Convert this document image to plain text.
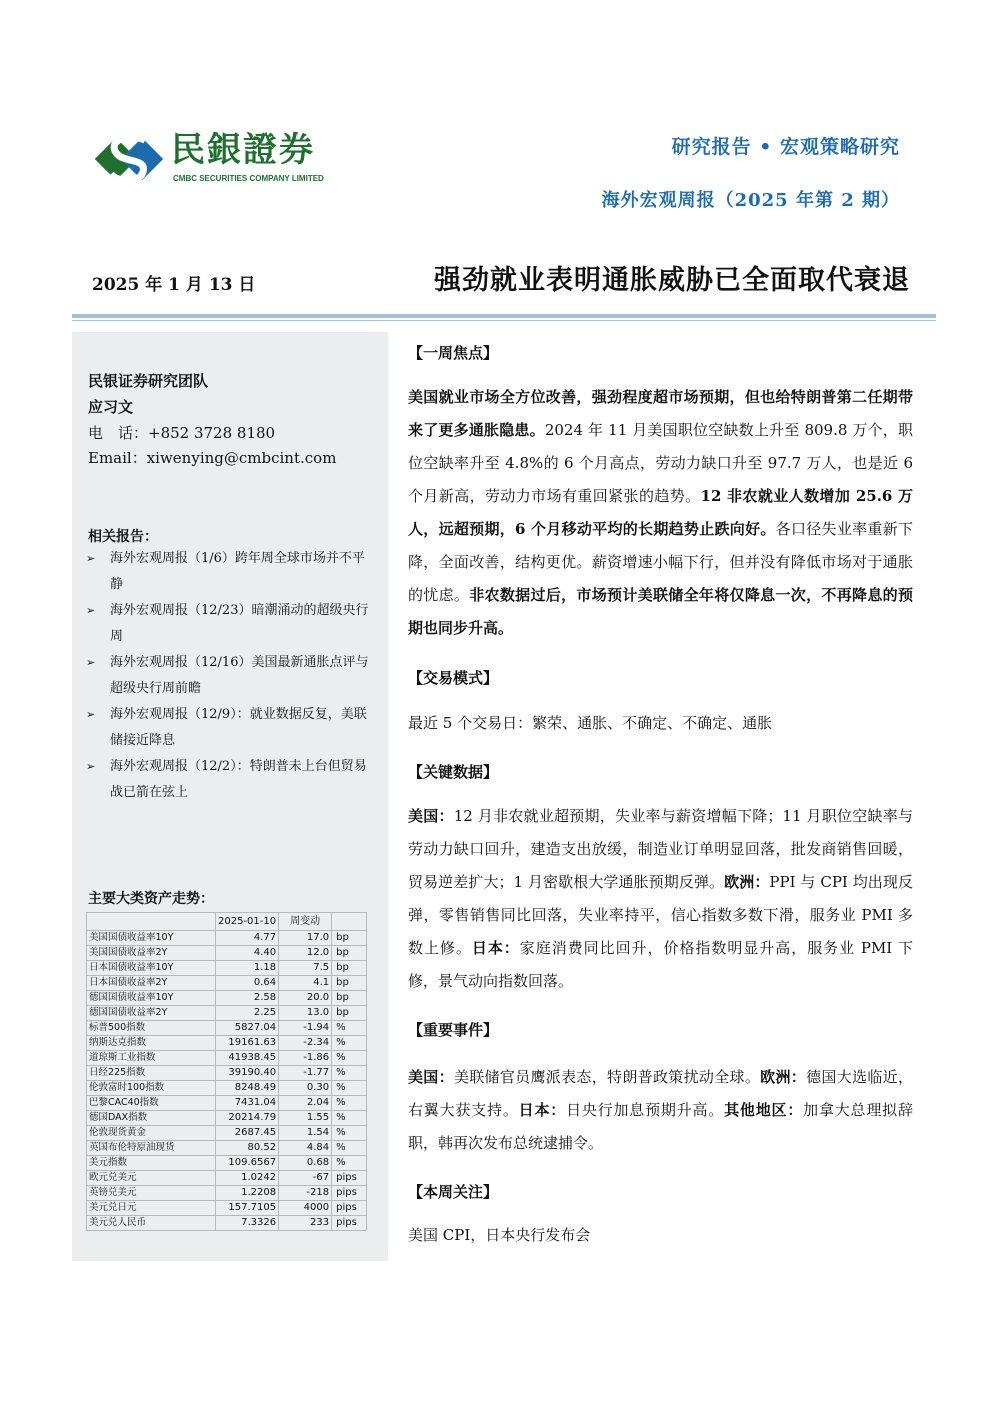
民銀證券
CMBC SECURITIES COMPANY LIMITED
研究报告 • 宏观策略研究
海外宏观周报（2025 年第 2 期）
2025 年 1 月 13 日	强劲就业表明通胀威胁已全面取代衰退
民银证券研究团队
应习文
电　话：+852 3728 8180
Email：xiwenying@cmbcint.com
相关报告：
➢ 海外宏观周报（1/6）跨年周全球市场并不平静
➢ 海外宏观周报（12/23）暗潮涌动的超级央行周
➢ 海外宏观周报（12/16）美国最新通胀点评与超级央行周前瞻
➢ 海外宏观周报（12/9）：就业数据反复，美联储接近降息
➢ 海外宏观周报（12/2）：特朗普未上台但贸易战已箭在弦上
主要大类资产走势：
	2025-01-10	周变动	
美国国债收益率10Y	4.77	17.0	bp
美国国债收益率2Y	4.40	12.0	bp
日本国债收益率10Y	1.18	7.5	bp
日本国债收益率2Y	0.64	4.1	bp
德国国债收益率10Y	2.58	20.0	bp
德国国债收益率2Y	2.25	13.0	bp
标普500指数	5827.04	-1.94	%
纳斯达克指数	19161.63	-2.34	%
道琼斯工业指数	41938.45	-1.86	%
日经225指数	39190.40	-1.77	%
伦敦富时100指数	8248.49	0.30	%
巴黎CAC40指数	7431.04	2.04	%
德国DAX指数	20214.79	1.55	%
伦敦现货黄金	2687.45	1.54	%
英国布伦特原油现货	80.52	4.84	%
美元指数	109.6567	0.68	%
欧元兑美元	1.0242	-67	pips
英镑兑美元	1.2208	-218	pips
美元兑日元	157.7105	4000	pips
美元兑人民币	7.3326	233	pips
【一周焦点】
美国就业市场全方位改善，强劲程度超市场预期，但也给特朗普第二任期带来了更多通胀隐患。2024 年 11 月美国职位空缺数上升至 809.8 万个，职位空缺率升至 4.8%的 6 个月高点，劳动力缺口升至 97.7 万人，也是近 6 个月新高，劳动力市场有重回紧张的趋势。12 非农就业人数增加 25.6 万人，远超预期，6 个月移动平均的长期趋势止跌向好。各口径失业率重新下降，全面改善，结构更优。薪资增速小幅下行，但并没有降低市场对于通胀的忧虑。非农数据过后，市场预计美联储全年将仅降息一次，不再降息的预期也同步升高。
【交易模式】
最近 5 个交易日：繁荣、通胀、不确定、不确定、通胀
【关键数据】
美国：12 月非农就业超预期，失业率与薪资增幅下降；11 月职位空缺率与劳动力缺口回升，建造支出放缓，制造业订单明显回落，批发商销售回暖，贸易逆差扩大；1 月密歇根大学通胀预期反弹。欧洲：PPI 与 CPI 均出现反弹，零售销售同比回落，失业率持平，信心指数多数下滑，服务业 PMI 多数上修。日本：家庭消费同比回升，价格指数明显升高，服务业 PMI 下修，景气动向指数回落。
【重要事件】
美国：美联储官员鹰派表态，特朗普政策扰动全球。欧洲：德国大选临近，右翼大获支持。日本：日央行加息预期升高。其他地区：加拿大总理拟辞职，韩再次发布总统逮捕令。
【本周关注】
美国 CPI，日本央行发布会
